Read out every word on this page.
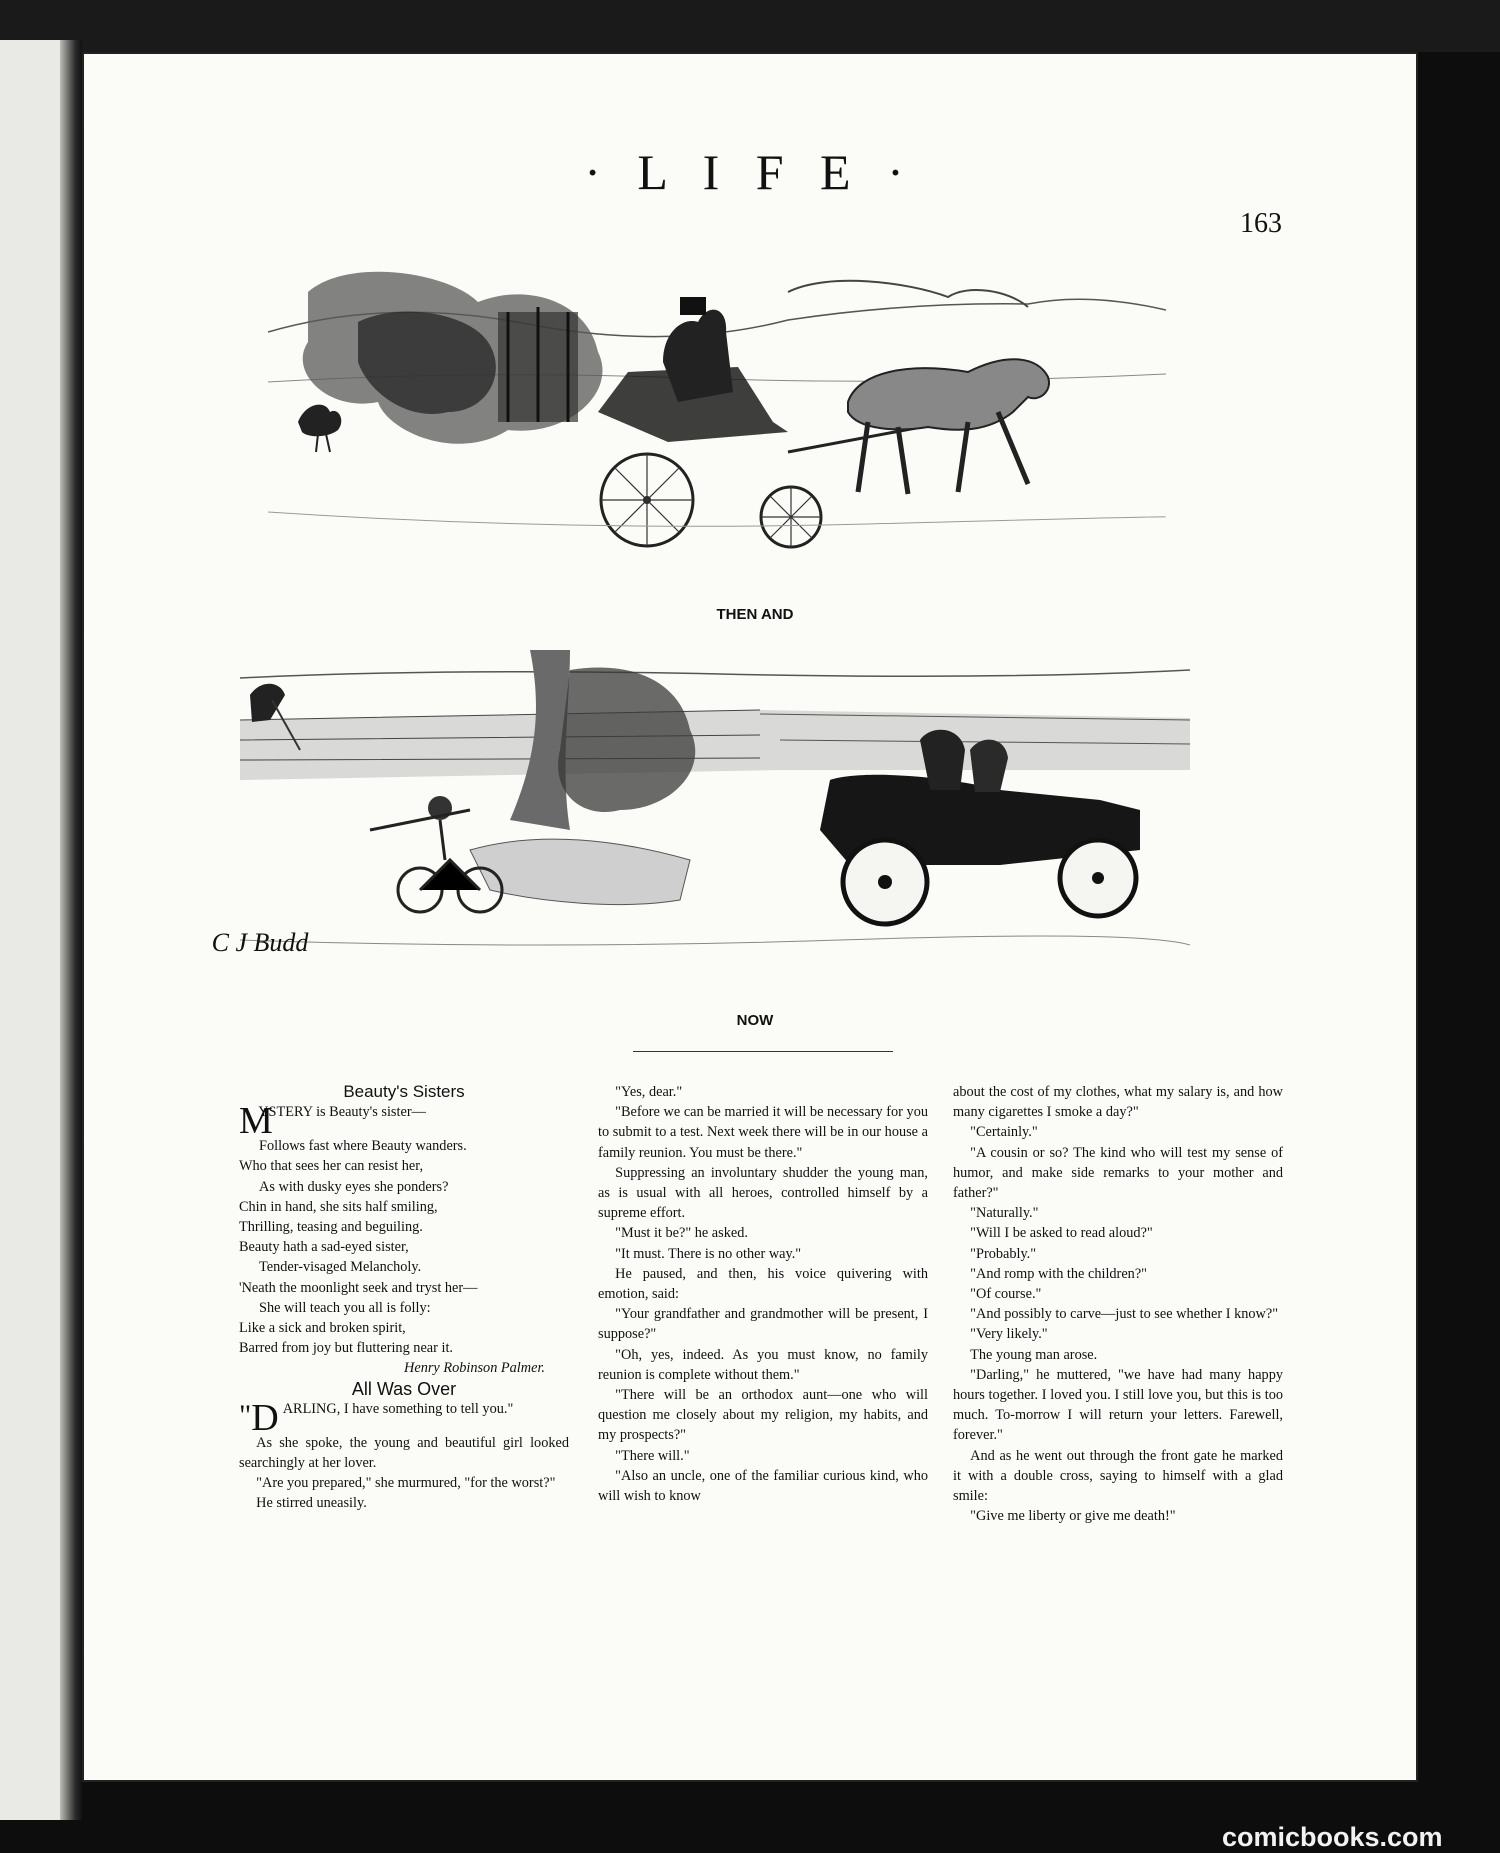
· L I F E ·
163
THEN AND
C J Budd
NOW

Beauty's Sisters

M
YSTERY is Beauty's sister—

Follows fast where Beauty wanders.

Who that sees her can resist her,

As with dusky eyes she ponders?

Chin in hand, she sits half smiling,

Thrilling, teasing and beguiling.

Beauty hath a sad-eyed sister,

Tender-visaged Melancholy.

'Neath the moonlight seek and tryst her—

She will teach you all is folly:

Like a sick and broken spirit,

Barred from joy but fluttering near it.

Henry Robinson Palmer.

All Was Over

" D ARLING, I have something to tell you."

As she spoke, the young and beautiful girl looked searchingly at her lover.

"Are you prepared," she murmured, "for the worst?"

He stirred uneasily.

"Yes, dear."

"Before we can be married it will be necessary for you to submit to a test. Next week there will be in our house a family reunion. You must be there."

Suppressing an involuntary shudder the young man, as is usual with all heroes, controlled himself by a supreme effort.

"Must it be?" he asked.

"It must. There is no other way."

He paused, and then, his voice quivering with emotion, said:

"Your grandfather and grandmother will be present, I suppose?"

"Oh, yes, indeed. As you must know, no family reunion is complete without them."

"There will be an orthodox aunt—one who will question me closely about my religion, my habits, and my prospects?"

"There will."

"Also an uncle, one of the familiar curious kind, who will wish to know

about the cost of my clothes, what my salary is, and how many cigarettes I smoke a day?"

"Certainly."

"A cousin or so? The kind who will test my sense of humor, and make side remarks to your mother and father?"

"Naturally."

"Will I be asked to read aloud?"

"Probably."

"And romp with the children?"

"Of course."

"And possibly to carve—just to see whether I know?"

"Very likely."

The young man arose.

"Darling," he muttered, "we have had many happy hours together. I loved you. I still love you, but this is too much. To-morrow I will return your letters. Farewell, forever."

And as he went out through the front gate he marked it with a double cross, saying to himself with a glad smile:

"Give me liberty or give me death!"

comicbooks.com
